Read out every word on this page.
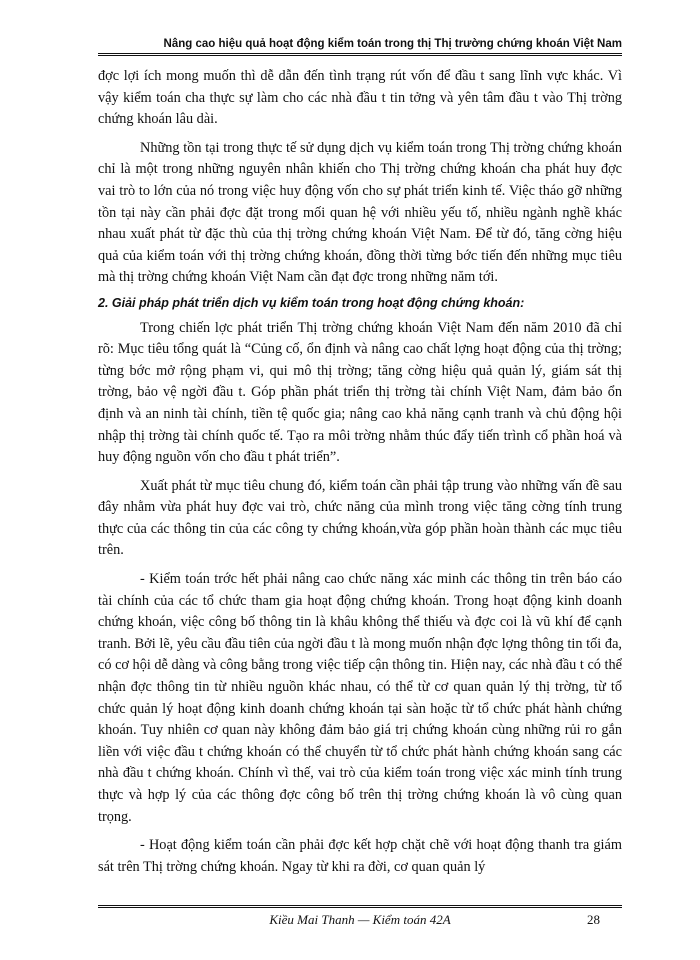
Nâng cao hiệu quả hoạt động kiểm toán trong thị Thị trường chứng khoán Việt Nam

đợc lợi ích mong muốn thì dễ dẫn đến tình trạng rút vốn để đầu t sang lĩnh vực khác. Vì vậy kiểm toán cha thực sự làm cho các nhà đầu t tin tởng và yên tâm đầu t vào Thị trờng chứng khoán lâu dài.

Những tồn tại trong thực tế sử dụng dịch vụ kiểm toán trong Thị trờng chứng khoán chỉ là một trong những nguyên nhân khiến cho Thị trờng chứng khoán cha phát huy đợc vai trò to lớn của nó trong việc huy động vốn cho sự phát triển kinh tế. Việc tháo gỡ những tồn tại này cần phải đợc đặt trong mối quan hệ với nhiều yếu tố, nhiều ngành nghề khác nhau xuất phát từ đặc thù của thị trờng chứng khoán Việt Nam. Để từ đó, tăng cờng hiệu quả của kiểm toán với thị trờng chứng khoán, đồng thời từng bớc tiến đến những mục tiêu mà thị trờng chứng khoán Việt Nam cần đạt đợc trong những năm tới.

2. Giải pháp phát triển dịch vụ kiểm toán trong hoạt động chứng khoán:

Trong chiến lợc phát triển Thị trờng chứng khoán Việt Nam đến năm 2010 đã chỉ rõ: Mục tiêu tổng quát là “Củng cố, ổn định và nâng cao chất lợng hoạt động của thị trờng; từng bớc mở rộng phạm vi, qui mô thị trờng; tăng cờng hiệu quả quản lý, giám sát thị trờng, bảo vệ ngời đầu t. Góp phần phát triển thị trờng tài chính Việt Nam, đảm bảo ổn định và an ninh tài chính, tiền tệ quốc gia; nâng cao khả năng cạnh tranh và chủ động hội nhập thị trờng tài chính quốc tế. Tạo ra môi trờng nhằm thúc đẩy tiến trình cổ phần hoá và huy động nguồn vốn cho đầu t phát triển”.

Xuất phát từ mục tiêu chung đó, kiểm toán cần phải tập trung vào những vấn đề sau đây nhằm vừa phát huy đợc vai trò, chức năng của mình trong việc tăng cờng tính trung thực của các thông tin của các công ty chứng khoán,vừa góp phần hoàn thành các mục tiêu trên.

- Kiểm toán trớc hết phải nâng cao chức năng xác minh các thông tin trên báo cáo tài chính của các tổ chức tham gia hoạt động chứng khoán. Trong hoạt động kinh doanh chứng khoán, việc công bố thông tin là khâu không thể thiếu và đợc coi là vũ khí để cạnh tranh. Bởi lẽ, yêu cầu đầu tiên của ngời đầu t là mong muốn nhận đợc lợng thông tin tối đa, có cơ hội dễ dàng và công bằng trong việc tiếp cận thông tin. Hiện nay, các nhà đầu t có thể nhận đợc thông tin từ nhiều nguồn khác nhau, có thể từ cơ quan quản lý thị trờng, từ tổ chức quản lý hoạt động kinh doanh chứng khoán tại sàn hoặc từ tổ chức phát hành chứng khoán. Tuy nhiên cơ quan này không đảm bảo giá trị chứng khoán cùng những rủi ro gắn liền với việc đầu t chứng khoán có thể chuyển từ tổ chức phát hành chứng khoán sang các nhà đầu t chứng khoán. Chính vì thế, vai trò của kiểm toán trong việc xác minh tính trung thực và hợp lý của các thông đợc công bố trên thị trờng chứng khoán là vô cùng quan trọng.

- Hoạt động kiểm toán cần phải đợc kết hợp chặt chẽ với hoạt động thanh tra giám sát trên Thị trờng chứng khoán. Ngay từ khi ra đời, cơ quan quản lý

Kiều Mai Thanh — Kiểm toán 42A	28
